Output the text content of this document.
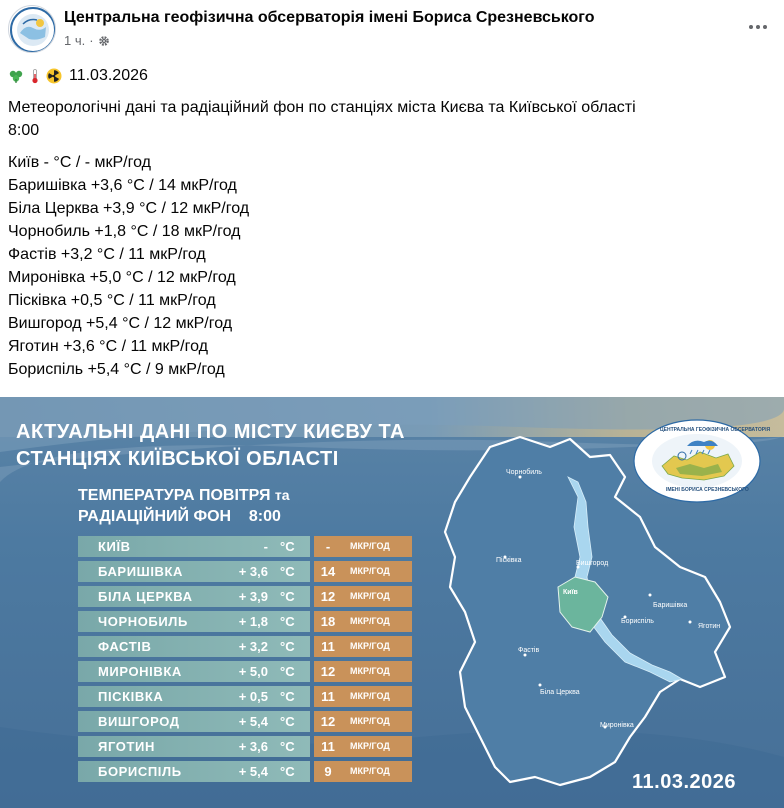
Центральна геофізична обсерваторія імені Бориса Срезневського
1 ч. ·
11.03.2026
Метеорологічні дані та радіаційний фон по станціях міста Києва та Київської області
8:00
Київ - °C / - мкР/год
Баришівка +3,6 °C / 14 мкР/год
Біла Церква +3,9 °C / 12 мкР/год
Чорнобиль +1,8 °C / 18 мкР/год
Фастів +3,2 °C / 11 мкР/год
Миронівка +5,0 °C / 12 мкР/год
Пісківка +0,5 °C / 11 мкР/год
Вишгород +5,4 °C / 12 мкР/год
Яготин +3,6 °C / 11 мкР/год
Бориспіль +5,4 °C / 9 мкР/год
АКТУАЛЬНІ ДАНІ ПО МІСТУ КИЄВУ ТА
СТАНЦІЯХ КИЇВСЬКОЇ ОБЛАСТІ
ТЕМПЕРАТУРА ПОВІТРЯ та
РАДІАЦІЙНИЙ ФОН 8:00
КИЇВ	- °С	-	МКР/ГОД
БАРИШІВКА	+ 3,6 °С 14 МКР/ГОД
БІЛА ЦЕРКВА	+ 3,9 °С 12 МКР/ГОД
ЧОРНОБИЛЬ	+ 1,8 °С 18 МКР/ГОД
ФАСТІВ	+ 3,2 °С 11 МКР/ГОД
МИРОНІВКА	+ 5,0 °С 12 МКР/ГОД
ПІСКІВКА	+ 0,5 °С 11 МКР/ГОД
ВИШГОРОД	+ 5,4 °С 12 МКР/ГОД
ЯГОТИН	+ 3,6 °С 11 МКР/ГОД
БОРИСПІЛЬ	+ 5,4 °С	9	МКР/ГОД
Чорнобиль
Пісківка	Вишгород
Київ
Баришівка
Бориспіль
Яготин
Фастів
Біла Церква
Миронівка
ЦЕНТРАЛЬНА ГЕОФІЗИЧНА ОБСЕРВАТОРІЯ
ІМЕНІ БОРИСА СРЕЗНЕВСЬКОГО
11.03.2026
